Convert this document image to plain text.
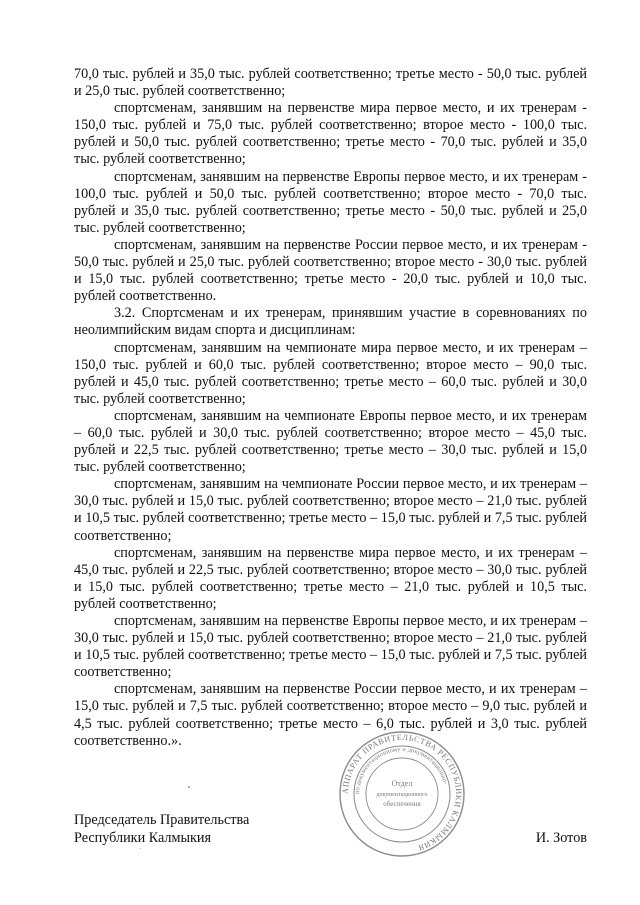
70,0 тыс. рублей и 35,0 тыс. рублей соответственно; третье место - 50,0 тыс. рублей и 25,0 тыс. рублей соответственно;

спортсменам, занявшим на первенстве мира первое место, и их тренерам - 150,0 тыс. рублей и 75,0 тыс. рублей соответственно; второе место - 100,0 тыс. рублей и 50,0 тыс. рублей соответственно; третье место - 70,0 тыс. рублей и 35,0 тыс. рублей соответственно;

спортсменам, занявшим на первенстве Европы первое место, и их тренерам - 100,0 тыс. рублей и 50,0 тыс. рублей соответственно; второе место - 70,0 тыс. рублей и 35,0 тыс. рублей соответственно; третье место - 50,0 тыс. рублей и 25,0 тыс. рублей соответственно;

спортсменам, занявшим на первенстве России первое место, и их тренерам - 50,0 тыс. рублей и 25,0 тыс. рублей соответственно; второе место - 30,0 тыс. рублей и 15,0 тыс. рублей соответственно; третье место - 20,0 тыс. рублей и 10,0 тыс. рублей соответственно.

3.2. Спортсменам и их тренерам, принявшим участие в соревнованиях по неолимпийским видам спорта и дисциплинам:

спортсменам, занявшим на чемпионате мира первое место, и их тренерам – 150,0 тыс. рублей и 60,0 тыс. рублей соответственно; второе место – 90,0 тыс. рублей и 45,0 тыс. рублей соответственно; третье место – 60,0 тыс. рублей и 30,0 тыс. рублей соответственно;

спортсменам, занявшим на чемпионате Европы первое место, и их тренерам – 60,0 тыс. рублей и 30,0 тыс. рублей соответственно; второе место – 45,0 тыс. рублей и 22,5 тыс. рублей соответственно; третье место – 30,0 тыс. рублей и 15,0 тыс. рублей соответственно;

спортсменам, занявшим на чемпионате России первое место, и их тренерам – 30,0 тыс. рублей и 15,0 тыс. рублей соответственно; второе место – 21,0 тыс. рублей и 10,5 тыс. рублей соответственно; третье место – 15,0 тыс. рублей и 7,5 тыс. рублей соответственно;

спортсменам, занявшим на первенстве мира первое место, и их тренерам – 45,0 тыс. рублей и 22,5 тыс. рублей соответственно; второе место – 30,0 тыс. рублей и 15,0 тыс. рублей соответственно; третье место – 21,0 тыс. рублей и 10,5 тыс. рублей соответственно;

спортсменам, занявшим на первенстве Европы первое место, и их тренерам – 30,0 тыс. рублей и 15,0 тыс. рублей соответственно; второе место – 21,0 тыс. рублей и 10,5 тыс. рублей соответственно; третье место – 15,0 тыс. рублей и 7,5 тыс. рублей соответственно;

спортсменам, занявшим на первенстве России первое место, и их тренерам – 15,0 тыс. рублей и 7,5 тыс. рублей соответственно; второе место – 9,0 тыс. рублей и 4,5 тыс. рублей соответственно; третье место – 6,0 тыс. рублей и 3,0 тыс. рублей соответственно.».

АППАРАТ ПРАВИТЕЛЬСТВА РЕСПУБЛИКИ КАЛМЫКИЯ
по документационному и документационно-
Отдел
документационного
обеспечения
Председатель Правительства
Республики Калмыкия	И. Зотов
